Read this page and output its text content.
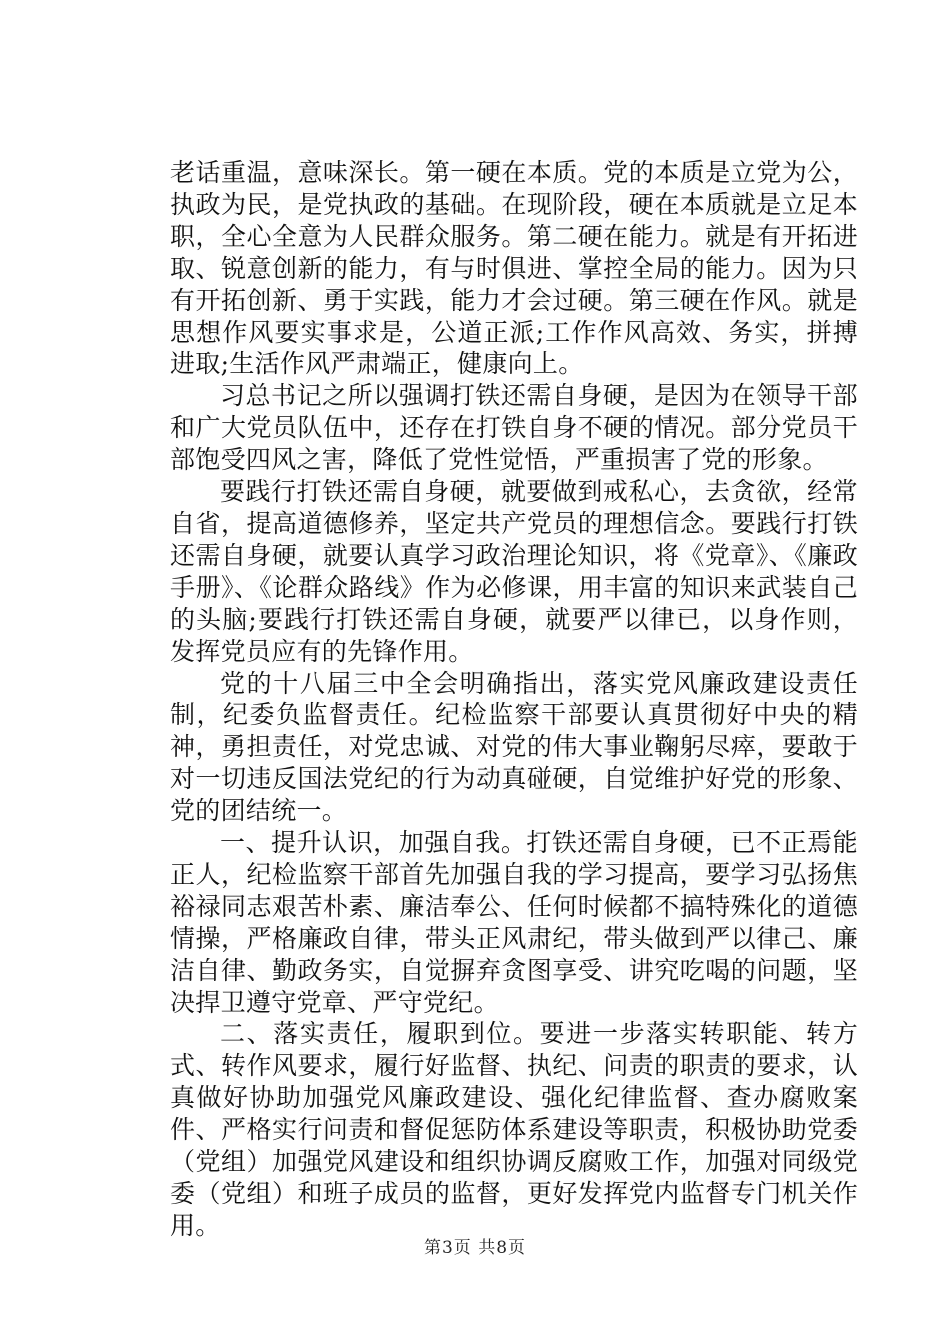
老话重温，意味深长。第一硬在本质。党的本质是立党为公，执政为民，是党执政的基础。在现阶段，硬在本质就是立足本职，全心全意为人民群众服务。第二硬在能力。就是有开拓进取、锐意创新的能力，有与时俱进、掌控全局的能力。因为只有开拓创新、勇于实践，能力才会过硬。第三硬在作风。就是思想作风要实事求是，公道正派;工作作风高效、务实，拼搏进取;生活作风严肃端正，健康向上。

习总书记之所以强调打铁还需自身硬，是因为在领导干部和广大党员队伍中，还存在打铁自身不硬的情况。部分党员干部饱受四风之害，降低了党性觉悟，严重损害了党的形象。

要践行打铁还需自身硬，就要做到戒私心，去贪欲，经常自省，提高道德修养，坚定共产党员的理想信念。要践行打铁还需自身硬，就要认真学习政治理论知识，将《党章》、《廉政手册》、《论群众路线》作为必修课，用丰富的知识来武装自己的头脑;要践行打铁还需自身硬，就要严以律已，以身作则，发挥党员应有的先锋作用。

党的十八届三中全会明确指出，落实党风廉政建设责任制，纪委负监督责任。纪检监察干部要认真贯彻好中央的精神，勇担责任，对党忠诚、对党的伟大事业鞠躬尽瘁，要敢于对一切违反国法党纪的行为动真碰硬，自觉维护好党的形象、党的团结统一。

一、提升认识，加强自我。打铁还需自身硬，已不正焉能正人，纪检监察干部首先加强自我的学习提高，要学习弘扬焦裕禄同志艰苦朴素、廉洁奉公、任何时候都不搞特殊化的道德情操，严格廉政自律，带头正风肃纪，带头做到严以律己、廉洁自律、勤政务实，自觉摒弃贪图享受、讲究吃喝的问题，坚决捍卫遵守党章、严守党纪。

二、落实责任，履职到位。要进一步落实转职能、转方式、转作风要求，履行好监督、执纪、问责的职责的要求，认真做好协助加强党风廉政建设、强化纪律监督、查办腐败案件、严格实行问责和督促惩防体系建设等职责，积极协助党委（党组）加强党风建设和组织协调反腐败工作，加强对同级党委（党组）和班子成员的监督，更好发挥党内监督专门机关作用。

第3页 共8页
